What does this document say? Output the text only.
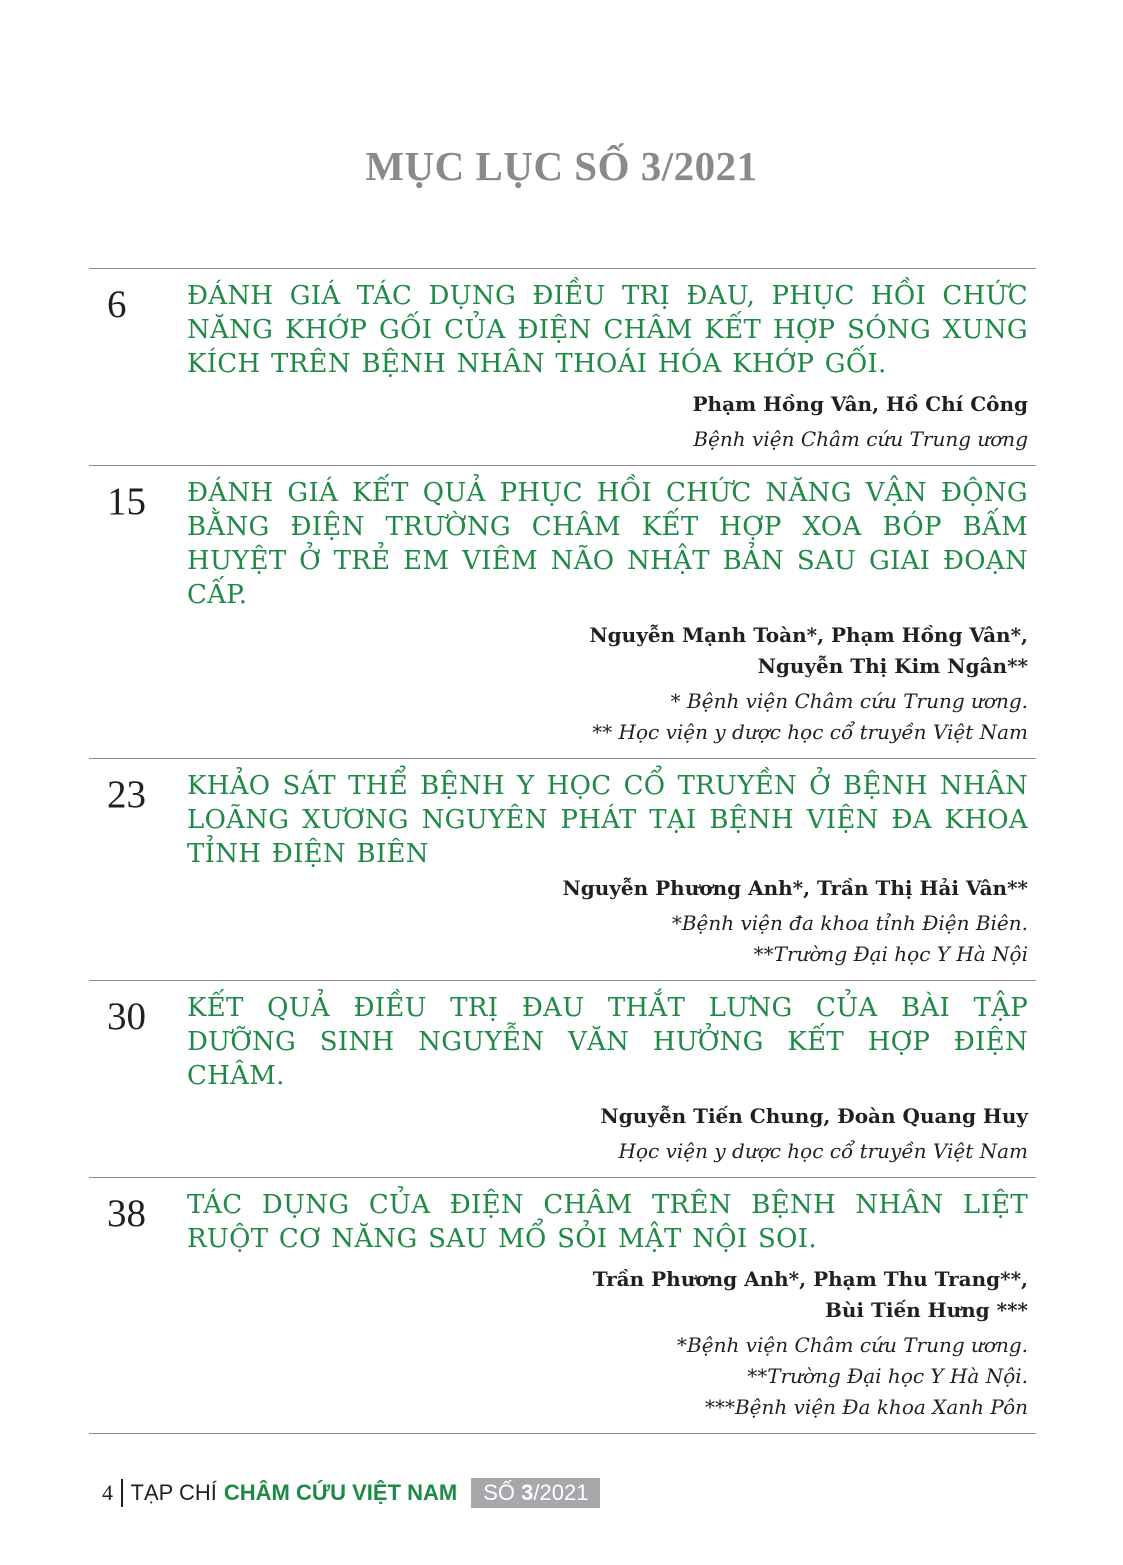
MỤC LỤC SỐ 3/2021
6 ĐÁNH GIÁ TÁC DỤNG ĐIỀU TRỊ ĐAU, PHỤC HỒI CHỨC NĂNG KHỚP GỐI CỦA ĐIỆN CHÂM KẾT HỢP SÓNG XUNG KÍCH TRÊN BỆNH NHÂN THOÁI HÓA KHỚP GỐI.
Phạm Hồng Vân, Hồ Chí Công
Bệnh viện Châm cứu Trung ương
15 ĐÁNH GIÁ KẾT QUẢ PHỤC HỒI CHỨC NĂNG VẬN ĐỘNG BẰNG ĐIỆN TRƯỜNG CHÂM KẾT HỢP XOA BÓP BẤM HUYỆT Ở TRẺ EM VIÊM NÃO NHẬT BẢN SAU GIAI ĐOẠN CẤP.
Nguyễn Mạnh Toàn*, Phạm Hồng Vân*,
Nguyễn Thị Kim Ngân**
* Bệnh viện Châm cứu Trung ương.
** Học viện y dược học cổ truyền Việt Nam
23 KHẢO SÁT THỂ BỆNH Y HỌC CỔ TRUYỀN Ở BỆNH NHÂN LOÃNG XƯƠNG NGUYÊN PHÁT TẠI BỆNH VIỆN ĐA KHOA TỈNH ĐIỆN BIÊN
Nguyễn Phương Anh*, Trần Thị Hải Vân**
*Bệnh viện đa khoa tỉnh Điện Biên.
**Trường Đại học Y Hà Nội
30 KẾT QUẢ ĐIỀU TRỊ ĐAU THẮT LƯNG CỦA BÀI TẬP DƯỠNG SINH NGUYỄN VĂN HƯỞNG KẾT HỢP ĐIỆN CHÂM.
Nguyễn Tiến Chung, Đoàn Quang Huy
Học viện y dược học cổ truyền Việt Nam
38 TÁC DỤNG CỦA ĐIỆN CHÂM TRÊN BỆNH NHÂN LIỆT RUỘT CƠ NĂNG SAU MỔ SỎI MẬT NỘI SOI.
Trần Phương Anh*, Phạm Thu Trang**,
Bùi Tiến Hưng ***
*Bệnh viện Châm cứu Trung ương.
**Trường Đại học Y Hà Nội.
***Bệnh viện Đa khoa Xanh Pôn
4 TẠP CHÍ CHÂM CỨU VIỆT NAM SỐ
3 /2021
